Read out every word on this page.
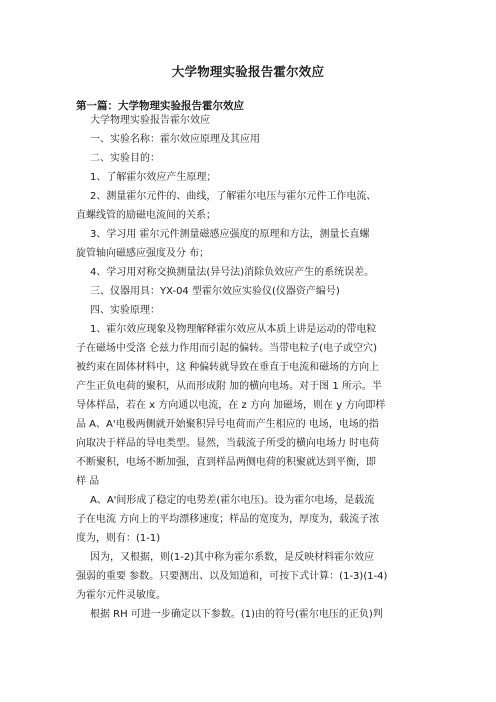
大学物理实验报告霍尔效应
第一篇：大学物理实验报告霍尔效应
大学物理实验报告霍尔效应
一、实验名称：霍尔效应原理及其应用
二、实验目的：
1、了解霍尔效应产生原理；
2、测量霍尔元件的、曲线，了解霍尔电压与霍尔元件工作电流、
直螺线管的励磁电流间的关系；
3、学习用 霍尔元件测量磁感应强度的原理和方法，测量长直螺
旋管轴向磁感应强度及分 布；
4、学习用对称交换测量法(异号法)消除负效应产生的系统误差。
三、仪器用具：YX-04 型霍尔效应实验仪(仪器资产编号)
四、实验原理：
1、霍尔效应现象及物理解释霍尔效应从本质上讲是运动的带电粒
子在磁场中受洛 仑兹力作用而引起的偏转。当带电粒子(电子或空穴)
被约束在固体材料中，这 种偏转就导致在垂直于电流和磁场的方向上
产生正负电荷的聚积，从而形成附 加的横向电场。对于图 1 所示。半
导体样品，若在 x 方向通以电流，在 z 方向 加磁场，则在 y 方向即样
品 A、A'电极两侧就开始聚积异号电荷而产生相应的 电场，电场的指
向取决于样品的导电类型。显然，当载流子所受的横向电场力 时电荷
不断聚积，电场不断加强，直到样品两侧电荷的积聚就达到平衡，即
样 品
A、A'间形成了稳定的电势差(霍尔电压)。设为霍尔电场，是载流
子在电流 方向上的平均漂移速度；样品的宽度为，厚度为，载流子浓
度为，则有：(1-1)
因为，又根据，则(1-2)其中称为霍尔系数，是反映材料霍尔效应
强弱的重要 参数。只要测出、以及知道和，可按下式计算：(1-3)(1-4)
为霍尔元件灵敏度。
根据 RH 可进一步确定以下参数。(1)由的符号(霍尔电压的正负)判
